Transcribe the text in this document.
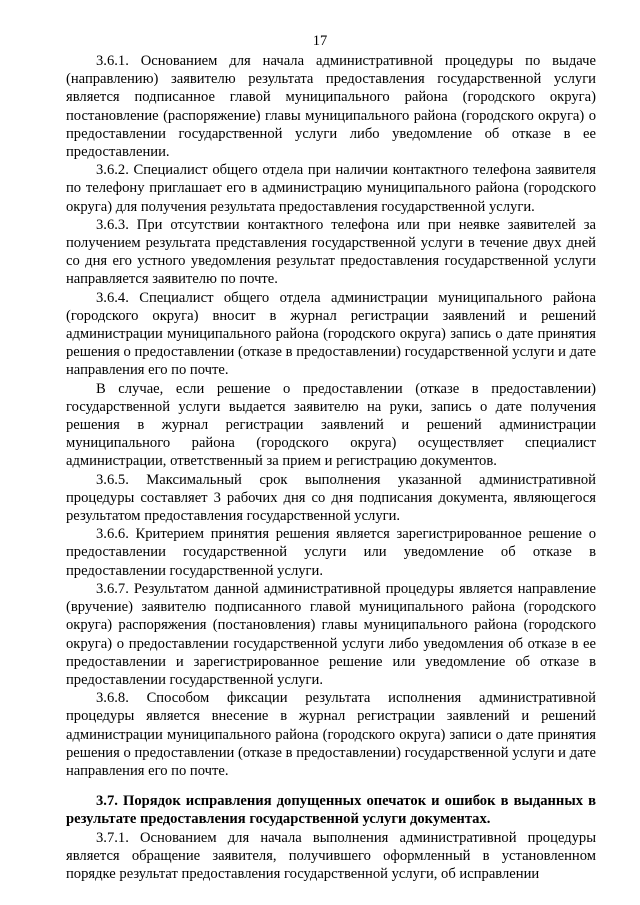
17

3.6.1. Основанием для начала административной процедуры по выдаче (направлению) заявителю результата предоставления государственной услуги является подписанное главой муниципального района (городского округа) постановление (распоряжение) главы муниципального района (городского округа) о предоставлении государственной услуги либо уведомление об отказе в ее предоставлении.

3.6.2. Специалист общего отдела при наличии контактного телефона заявителя по телефону приглашает его в администрацию муниципального района (городского округа) для получения результата предоставления государственной услуги.

3.6.3. При отсутствии контактного телефона или при неявке заявителей за получением результата представления государственной услуги в течение двух дней со дня его устного уведомления результат предоставления государственной услуги направляется заявителю по почте.

3.6.4. Специалист общего отдела администрации муниципального района (городского округа) вносит в журнал регистрации заявлений и решений администрации муниципального района (городского округа) запись о дате принятия решения о предоставлении (отказе в предоставлении) государственной услуги и дате направления его по почте.

В случае, если решение о предоставлении (отказе в предоставлении) государственной услуги выдается заявителю на руки, запись о дате получения решения в журнал регистрации заявлений и решений администрации муниципального района (городского округа) осуществляет специалист администрации, ответственный за прием и регистрацию документов.

3.6.5. Максимальный срок выполнения указанной административной процедуры составляет 3 рабочих дня со дня подписания документа, являющегося результатом предоставления государственной услуги.

3.6.6. Критерием принятия решения является зарегистрированное решение о предоставлении государственной услуги или уведомление об отказе в предоставлении государственной услуги.

3.6.7. Результатом данной административной процедуры является направление (вручение) заявителю подписанного главой муниципального района (городского округа) распоряжения (постановления) главы муниципального района (городского округа) о предоставлении государственной услуги либо уведомления об отказе в ее предоставлении и зарегистрированное решение или уведомление об отказе в предоставлении государственной услуги.

3.6.8. Способом фиксации результата исполнения административной процедуры является внесение в журнал регистрации заявлений и решений администрации муниципального района (городского округа) записи о дате принятия решения о предоставлении (отказе в предоставлении) государственной услуги и дате направления его по почте.

3.7. Порядок исправления допущенных опечаток и ошибок в выданных в результате предоставления государственной услуги документах.

3.7.1. Основанием для начала выполнения административной процедуры является обращение заявителя, получившего оформленный в установленном порядке результат предоставления государственной услуги, об исправлении
